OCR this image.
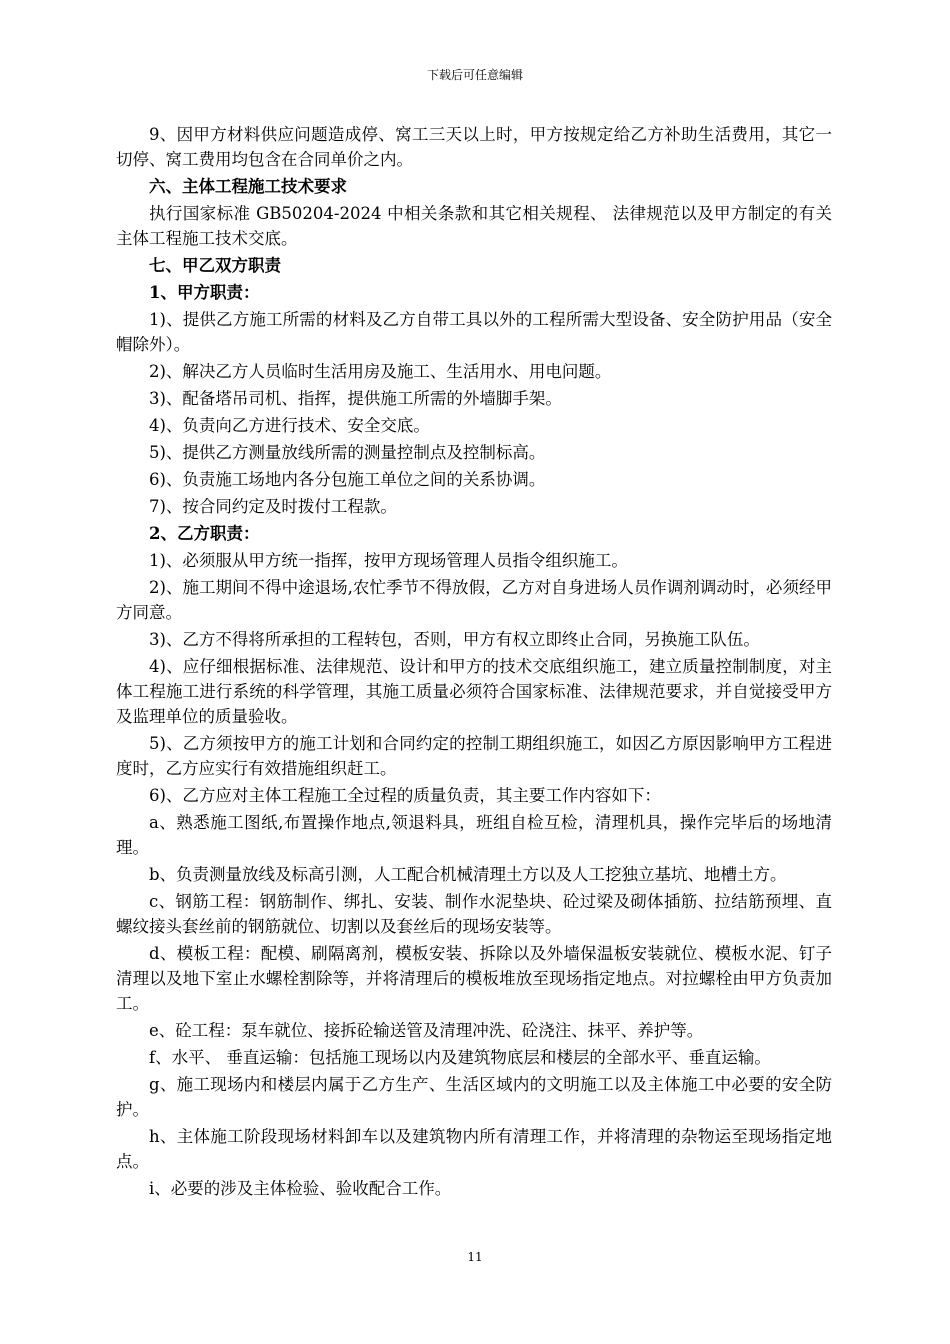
下载后可任意编辑

9、因甲方材料供应问题造成停、窝工三天以上时，甲方按规定给乙方补助生活费用，其它一切停、窝工费用均包含在合同单价之内。

六、主体工程施工技术要求

执行国家标准 GB50204-2024 中相关条款和其它相关规程、 法律规范以及甲方制定的有关主体工程施工技术交底。

七、甲乙双方职责

1、甲方职责：

1)、提供乙方施工所需的材料及乙方自带工具以外的工程所需大型设备、安全防护用品（安全帽除外）。

2)、解决乙方人员临时生活用房及施工、生活用水、用电问题。

3)、配备塔吊司机、指挥，提供施工所需的外墙脚手架。

4)、负责向乙方进行技术、安全交底。

5)、提供乙方测量放线所需的测量控制点及控制标高。

6)、负责施工场地内各分包施工单位之间的关系协调。

7)、按合同约定及时拨付工程款。

2、乙方职责：

1)、必须服从甲方统一指挥，按甲方现场管理人员指令组织施工。

2)、施工期间不得中途退场,农忙季节不得放假，乙方对自身进场人员作调剂调动时，必须经甲方同意。

3)、乙方不得将所承担的工程转包，否则，甲方有权立即终止合同，另换施工队伍。

4)、应仔细根据标准、法律规范、设计和甲方的技术交底组织施工，建立质量控制制度，对主体工程施工进行系统的科学管理，其施工质量必须符合国家标准、法律规范要求，并自觉接受甲方及监理单位的质量验收。

5)、乙方须按甲方的施工计划和合同约定的控制工期组织施工，如因乙方原因影响甲方工程进度时，乙方应实行有效措施组织赶工。

6)、乙方应对主体工程施工全过程的质量负责，其主要工作内容如下：

a、熟悉施工图纸,布置操作地点,领退料具，班组自检互检，清理机具，操作完毕后的场地清理。

b、负责测量放线及标高引测，人工配合机械清理土方以及人工挖独立基坑、地槽土方。

c、钢筋工程：钢筋制作、绑扎、安装、制作水泥垫块、砼过梁及砌体插筋、拉结筋预埋、直螺纹接头套丝前的钢筋就位、切割以及套丝后的现场安装等。

d、模板工程：配模、刷隔离剂，模板安装、拆除以及外墙保温板安装就位、模板水泥、钉子清理以及地下室止水螺栓割除等，并将清理后的模板堆放至现场指定地点。对拉螺栓由甲方负责加工。

e、砼工程：泵车就位、接拆砼输送管及清理冲洗、砼浇注、抹平、养护等。

f、水平、 垂直运输：包括施工现场以内及建筑物底层和楼层的全部水平、垂直运输。

g、施工现场内和楼层内属于乙方生产、生活区域内的文明施工以及主体施工中必要的安全防护。

h、主体施工阶段现场材料卸车以及建筑物内所有清理工作，并将清理的杂物运至现场指定地点。

i、必要的涉及主体检验、验收配合工作。

11
